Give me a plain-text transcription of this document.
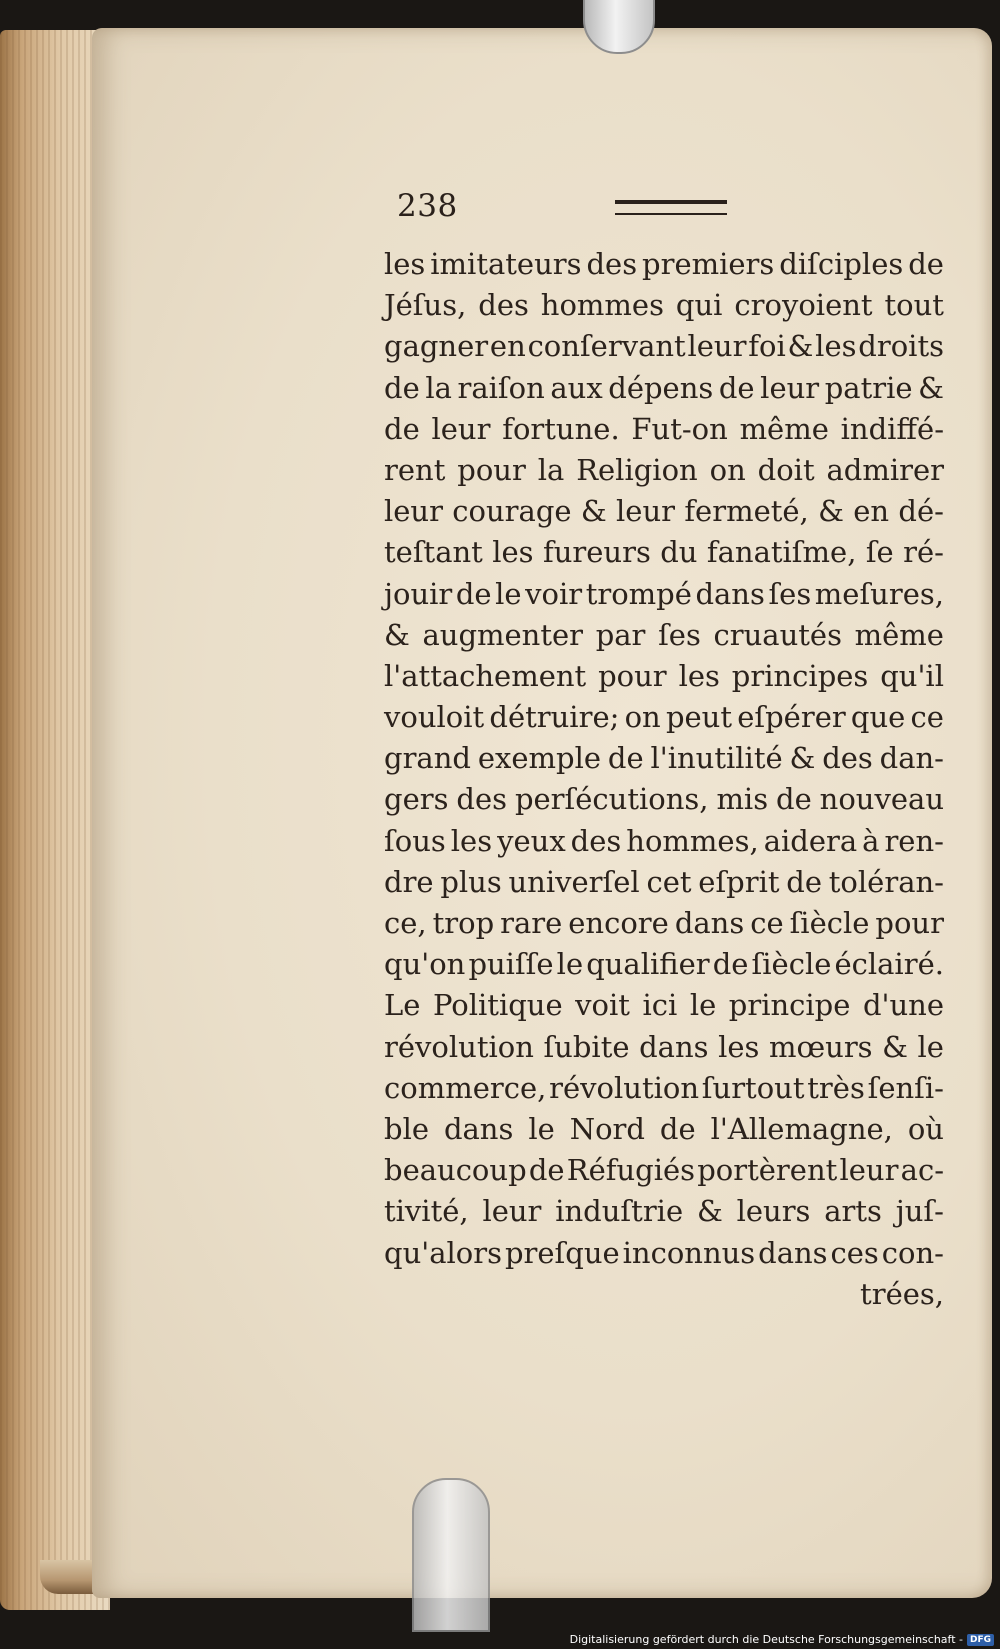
238
les imitateurs des premiers diſciples de
Jéſus, des hommes qui croyoient tout
gagner en conſervant leur foi & les droits
de la raiſon aux dépens de leur patrie &
de leur fortune. Fut-on même indiffé-
rent pour la Religion on doit admirer
leur courage & leur fermeté, & en dé-
teſtant les fureurs du fanatiſme, ſe ré-
jouir de le voir trompé dans ſes meſures,
& augmenter par ſes cruautés même
l'attachement pour les principes qu'il
vouloit détruire; on peut eſpérer que ce
grand exemple de l'inutilité & des dan-
gers des perſécutions, mis de nouveau
ſous les yeux des hommes, aidera à ren-
dre plus univerſel cet eſprit de toléran-
ce, trop rare encore dans ce ſiècle pour
qu'on puiſſe le qualifier de ſiècle éclairé.
Le Politique voit ici le principe d'une
révolution ſubite dans les mœurs & le
commerce, révolution ſurtout très ſenſi-
ble dans le Nord de l'Allemagne, où
beaucoup de Réfugiés portèrent leur ac-
tivité, leur induſtrie & leurs arts juſ-
qu'alors preſque inconnus dans ces con-
trées,
Digitalisierung gefördert durch die Deutsche Forschungsgemeinschaft - DFG
